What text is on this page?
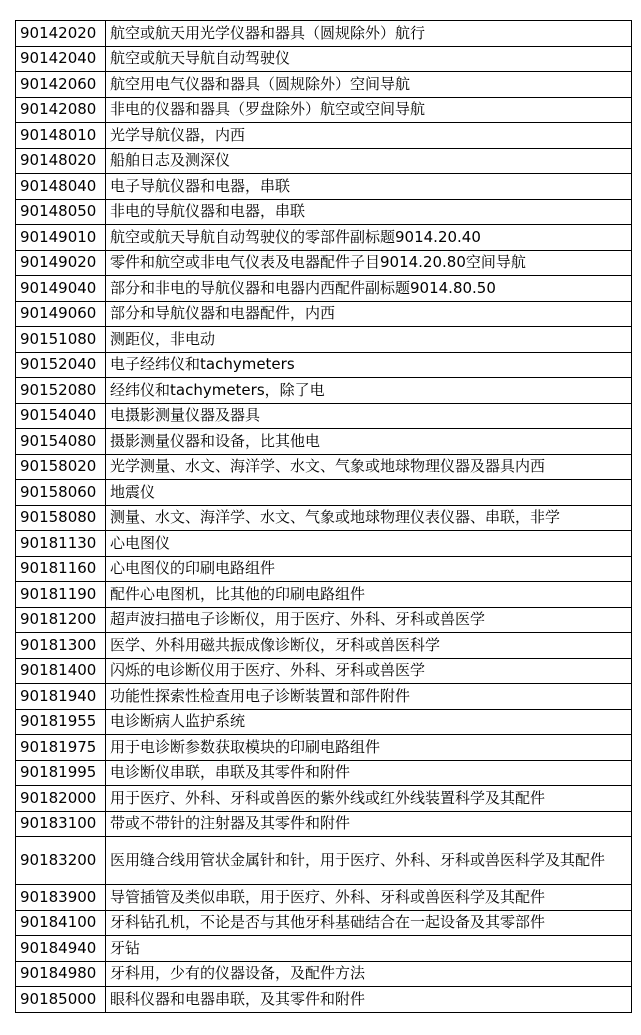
90142020	航空或航天用光学仪器和器具（圆规除外）航行
90142040	航空或航天导航自动驾驶仪
90142060	航空用电气仪器和器具（圆规除外）空间导航
90142080	非电的仪器和器具（罗盘除外）航空或空间导航
90148010	光学导航仪器，内西
90148020	船舶日志及测深仪
90148040	电子导航仪器和电器，串联
90148050	非电的导航仪器和电器，串联
90149010	航空或航天导航自动驾驶仪的零部件副标题9014.20.40
90149020	零件和航空或非电气仪表及电器配件子目9014.20.80空间导航
90149040	部分和非电的导航仪器和电器内西配件副标题9014.80.50
90149060	部分和导航仪器和电器配件，内西
90151080	测距仪，非电动
90152040	电子经纬仪和tachymeters
90152080	经纬仪和tachymeters，除了电
90154040	电摄影测量仪器及器具
90154080	摄影测量仪器和设备，比其他电
90158020	光学测量、水文、海洋学、水文、气象或地球物理仪器及器具内西
90158060	地震仪
90158080	测量、水文、海洋学、水文、气象或地球物理仪表仪器、串联，非学
90181130	心电图仪
90181160	心电图仪的印刷电路组件
90181190	配件心电图机，比其他的印刷电路组件
90181200	超声波扫描电子诊断仪，用于医疗、外科、牙科或兽医学
90181300	医学、外科用磁共振成像诊断仪，牙科或兽医科学
90181400	闪烁的电诊断仪用于医疗、外科、牙科或兽医学
90181940	功能性探索性检查用电子诊断装置和部件附件
90181955	电诊断病人监护系统
90181975	用于电诊断参数获取模块的印刷电路组件
90181995	电诊断仪串联，串联及其零件和附件
90182000	用于医疗、外科、牙科或兽医的紫外线或红外线装置科学及其配件
90183100	带或不带针的注射器及其零件和附件
90183200	医用缝合线用管状金属针和针，用于医疗、外科、牙科或兽医科学及其配件
90183900	导管插管及类似串联，用于医疗、外科、牙科或兽医科学及其配件
90184100	牙科钻孔机，不论是否与其他牙科基础结合在一起设备及其零部件
90184940	牙钻
90184980	牙科用，少有的仪器设备，及配件方法
90185000	眼科仪器和电器串联，及其零件和附件
